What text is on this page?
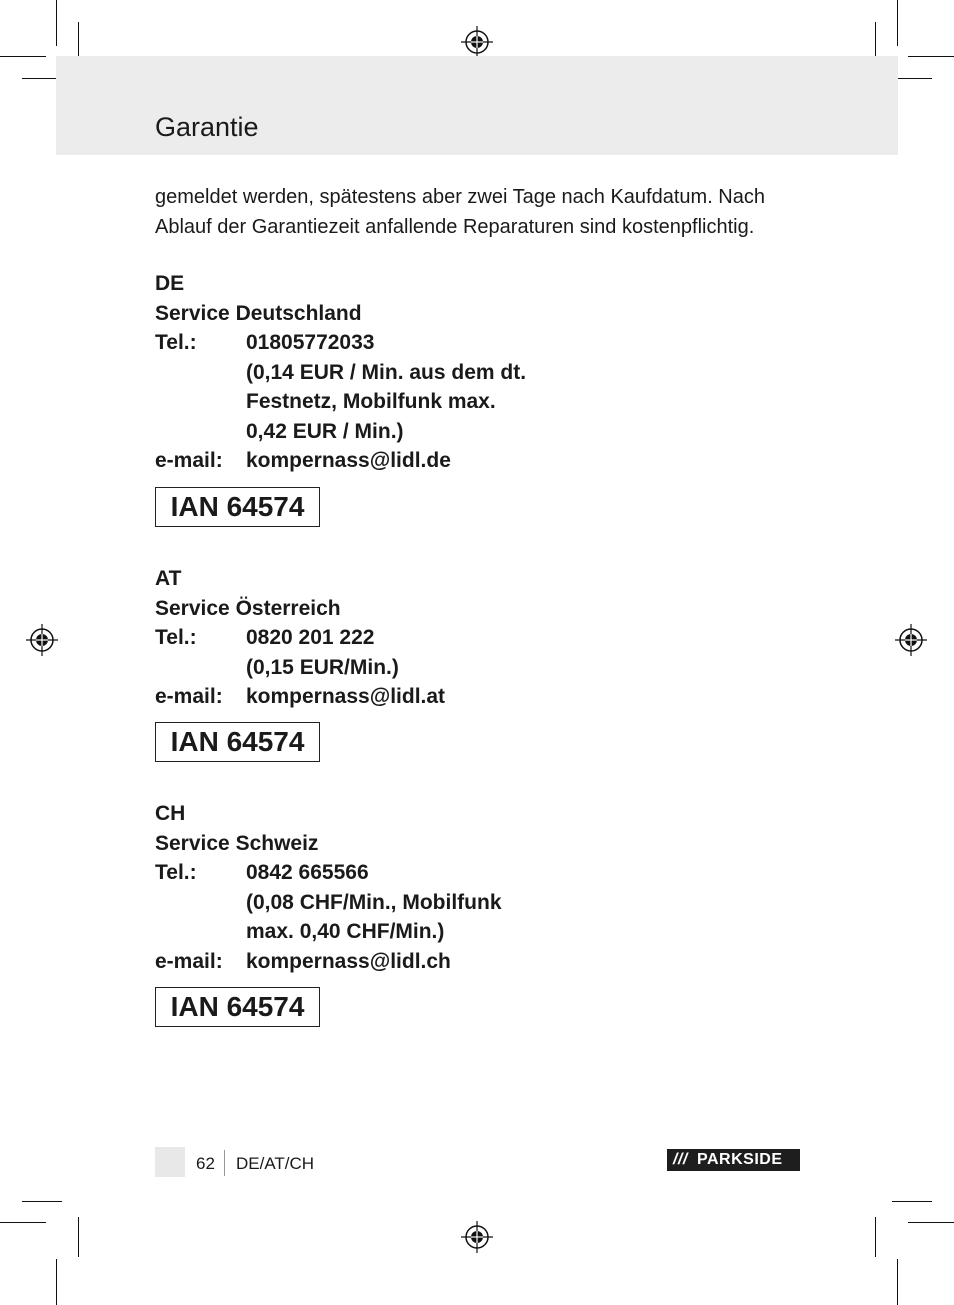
Garantie

gemeldet werden, spätestens aber zwei Tage nach Kaufdatum. Nach Ablauf der Garantiezeit anfallende Reparaturen sind kostenpflichtig.

DE
Service Deutschland
Tel.:	01805772033
(0,14 EUR / Min. aus dem dt.
Festnetz, Mobilfunk max.
0,42 EUR / Min.)
e-mail:	kompernass@lidl.de
IAN 64574
AT
Service Österreich
Tel.:	0820 201 222
(0,15 EUR/Min.)
e-mail:	kompernass@lidl.at
IAN 64574
CH
Service Schweiz
Tel.:	0842 665566
(0,08 CHF/Min., Mobilfunk
max. 0,40 CHF/Min.)
e-mail:	kompernass@lidl.ch
IAN 64574
62 DE/AT/CH	/// PARKSIDE
